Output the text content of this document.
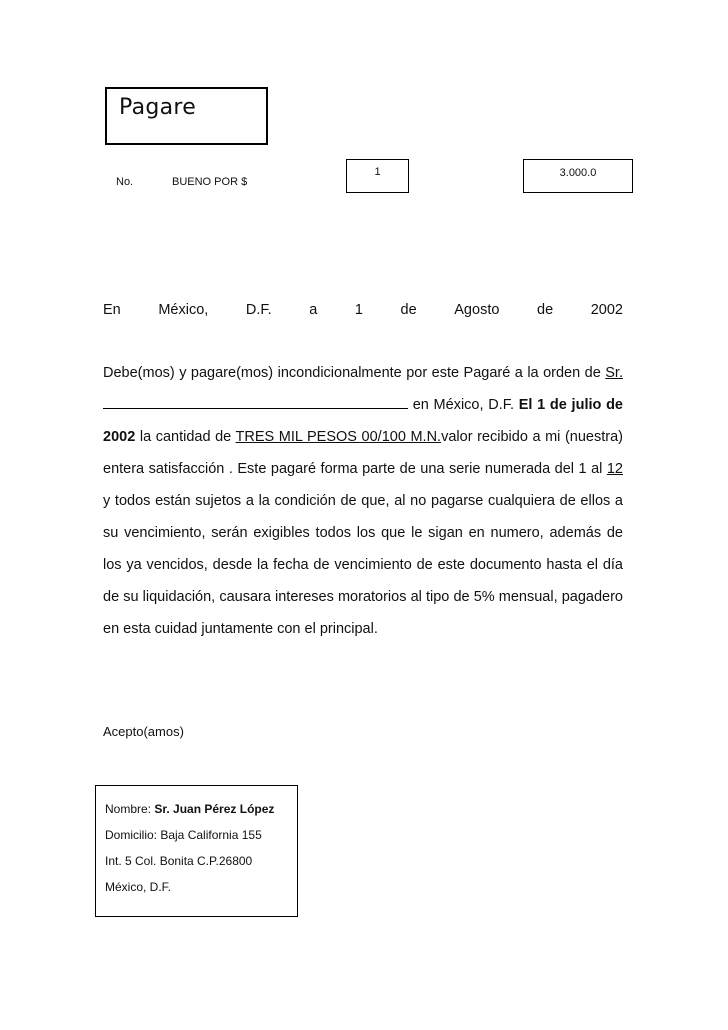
Pagare
No.	BUENO POR $
1	3.000.0
En	México,	D.F.	a	1	de	Agosto	de	2002
Debe(mos) y pagare(mos) incondicionalmente por este Pagaré a la orden de Sr. en México, D.F. El 1 de julio de 2002 la cantidad de TRES MIL PESOS 00/100 M.N.valor recibido a mi (nuestra) entera satisfacción . Este pagaré forma parte de una serie numerada del 1 al 12 y todos están sujetos a la condición de que, al no pagarse cualquiera de ellos a su vencimiento, serán exigibles todos los que le sigan en numero, además de los ya vencidos, desde la fecha de vencimiento de este documento hasta el día de su liquidación, causara intereses moratorios al tipo de 5% mensual, pagadero en esta cuidad juntamente con el principal.
Acepto(amos)
Nombre: Sr. Juan Pérez López
Domicilio: Baja California 155
Int. 5 Col. Bonita C.P.26800
México, D.F.
